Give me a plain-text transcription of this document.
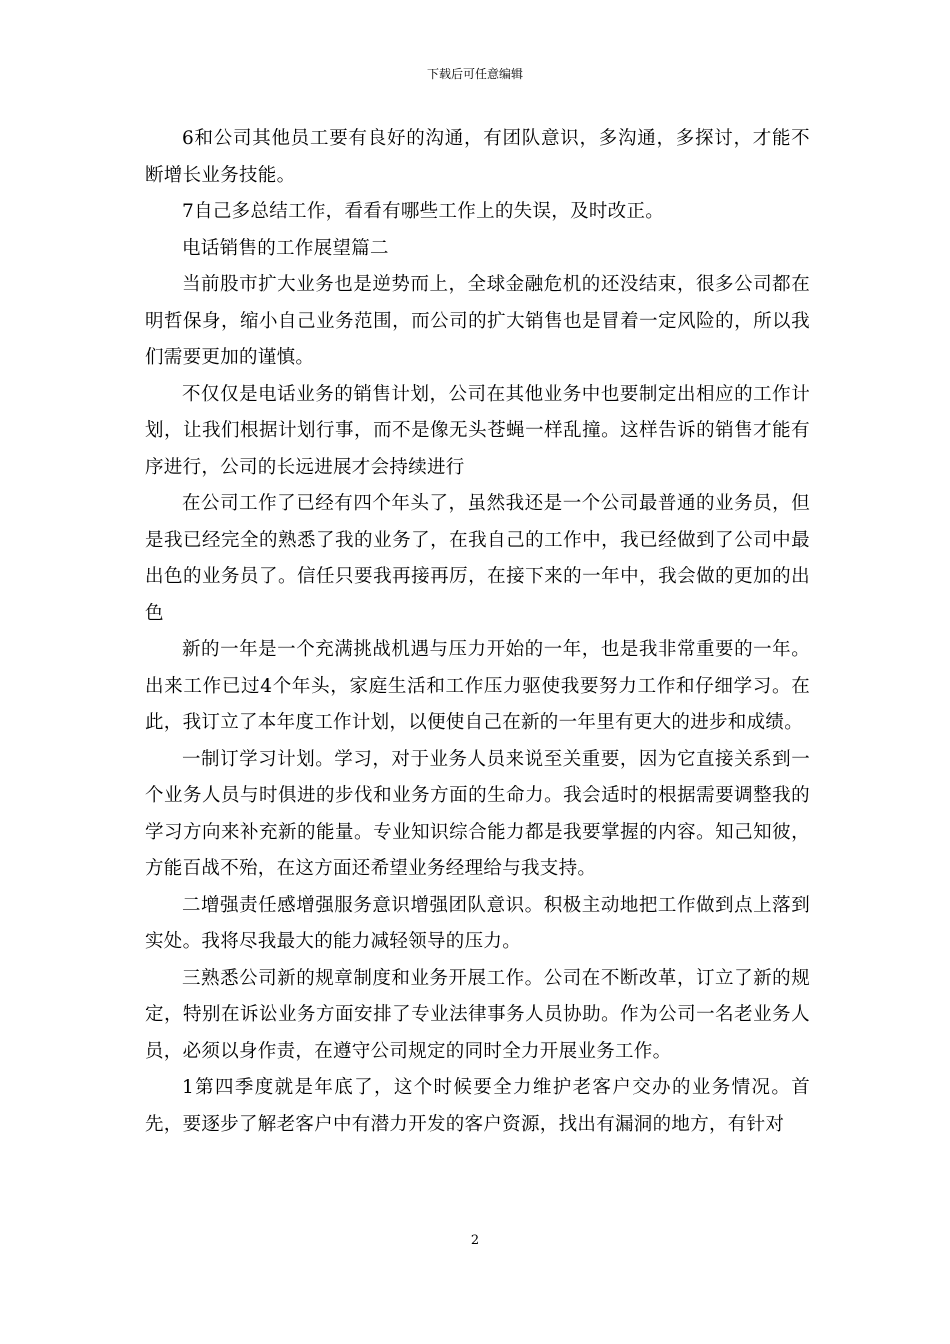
下载后可任意编辑

6和公司其他员工要有良好的沟通，有团队意识，多沟通，多探讨，才能不断增长业务技能。

7自己多总结工作，看看有哪些工作上的失误，及时改正。

电话销售的工作展望篇二

当前股市扩大业务也是逆势而上，全球金融危机的还没结束，很多公司都在明哲保身，缩小自己业务范围，而公司的扩大销售也是冒着一定风险的，所以我们需要更加的谨慎。

不仅仅是电话业务的销售计划，公司在其他业务中也要制定出相应的工作计划，让我们根据计划行事，而不是像无头苍蝇一样乱撞。这样告诉的销售才能有序进行，公司的长远进展才会持续进行

在公司工作了已经有四个年头了，虽然我还是一个公司最普通的业务员，但是我已经完全的熟悉了我的业务了，在我自己的工作中，我已经做到了公司中最出色的业务员了。信任只要我再接再厉，在接下来的一年中，我会做的更加的出色

新的一年是一个充满挑战机遇与压力开始的一年，也是我非常重要的一年。出来工作已过4个年头，家庭生活和工作压力驱使我要努力工作和仔细学习。在此，我订立了本年度工作计划，以便使自己在新的一年里有更大的进步和成绩。

一制订学习计划。学习，对于业务人员来说至关重要，因为它直接关系到一个业务人员与时俱进的步伐和业务方面的生命力。我会适时的根据需要调整我的学习方向来补充新的能量。专业知识综合能力都是我要掌握的内容。知己知彼，方能百战不殆，在这方面还希望业务经理给与我支持。

二增强责任感增强服务意识增强团队意识。积极主动地把工作做到点上落到实处。我将尽我最大的能力减轻领导的压力。

三熟悉公司新的规章制度和业务开展工作。公司在不断改革，订立了新的规定，特别在诉讼业务方面安排了专业法律事务人员协助。作为公司一名老业务人员，必须以身作责，在遵守公司规定的同时全力开展业务工作。

1第四季度就是年底了，这个时候要全力维护老客户交办的业务情况。首先，要逐步了解老客户中有潜力开发的客户资源，找出有漏洞的地方，有针对

2
